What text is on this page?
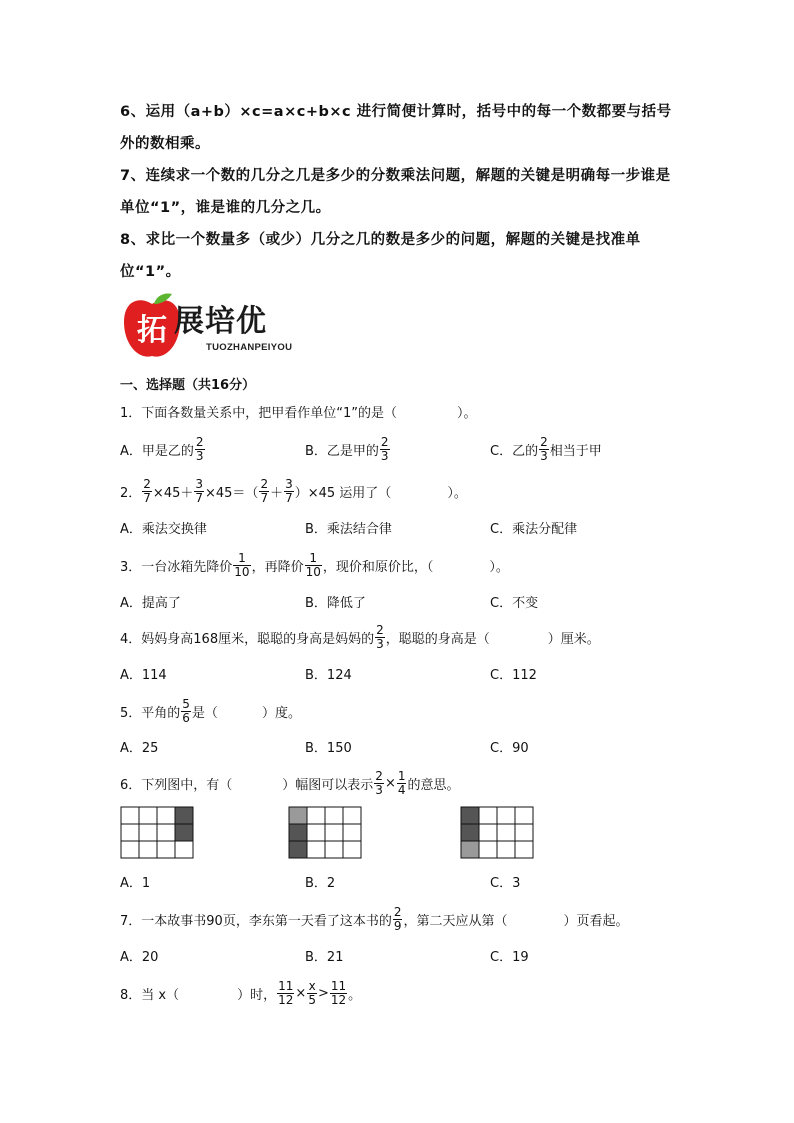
6、运用（a+b）×c=a×c+b×c 进行简便计算时，括号中的每一个数都要与括号外的数相乘。
7、连续求一个数的几分之几是多少的分数乘法问题，解题的关键是明确每一步谁是单位“1”，谁是谁的几分之几。
8、求比一个数量多（或少）几分之几的数是多少的问题，解题的关键是找准单位“1”。
拓 展培优
TUOZHANPEIYOU
一、选择题（共16分）
1．下面各数量关系中，把甲看作单位“1”的是（	）。
A．甲是乙的 $\frac{2}{3}$	B．乙是甲的 $\frac{2}{3}$	C．乙的 $\frac{2}{3}$ 相当于甲
2． $\frac{2}{7} \times 45+ \frac{3}{7} \times 45=( \frac{2}{7} + \frac{3}{7} )\times 45$ 运用了（	）。
A．乘法交换律	B．乘法结合律	C．乘法分配律
3．一台冰箱先降价 $\frac{1}{10}$ ，再降价 $\frac{1}{10}$ ，现价和原价比，（	）。
A．提高了	B．降低了	C．不变
4．妈妈身高168厘米，聪聪的身高是妈妈的 $\frac{2}{3}$ ，聪聪的身高是（	）厘米。
A．114	B．124	C．112
5．平角的 $\frac{5}{6}$ 是（	）度。
A．25	B．150	C．90
6．下列图中，有（	）幅图可以表示 $\frac{2}{3} \times \frac{1}{4}$ 的意思。
A．1	B．2	C．3
7．一本故事书90页，李东第一天看了这本书的 $\frac{2}{9}$ ，第二天应从第（	）页看起。
A．20	B．21	C．19
8．当 x（	）时， $\frac{11}{12} \times \frac{x}{5} > \frac{11}{12}$ 。
